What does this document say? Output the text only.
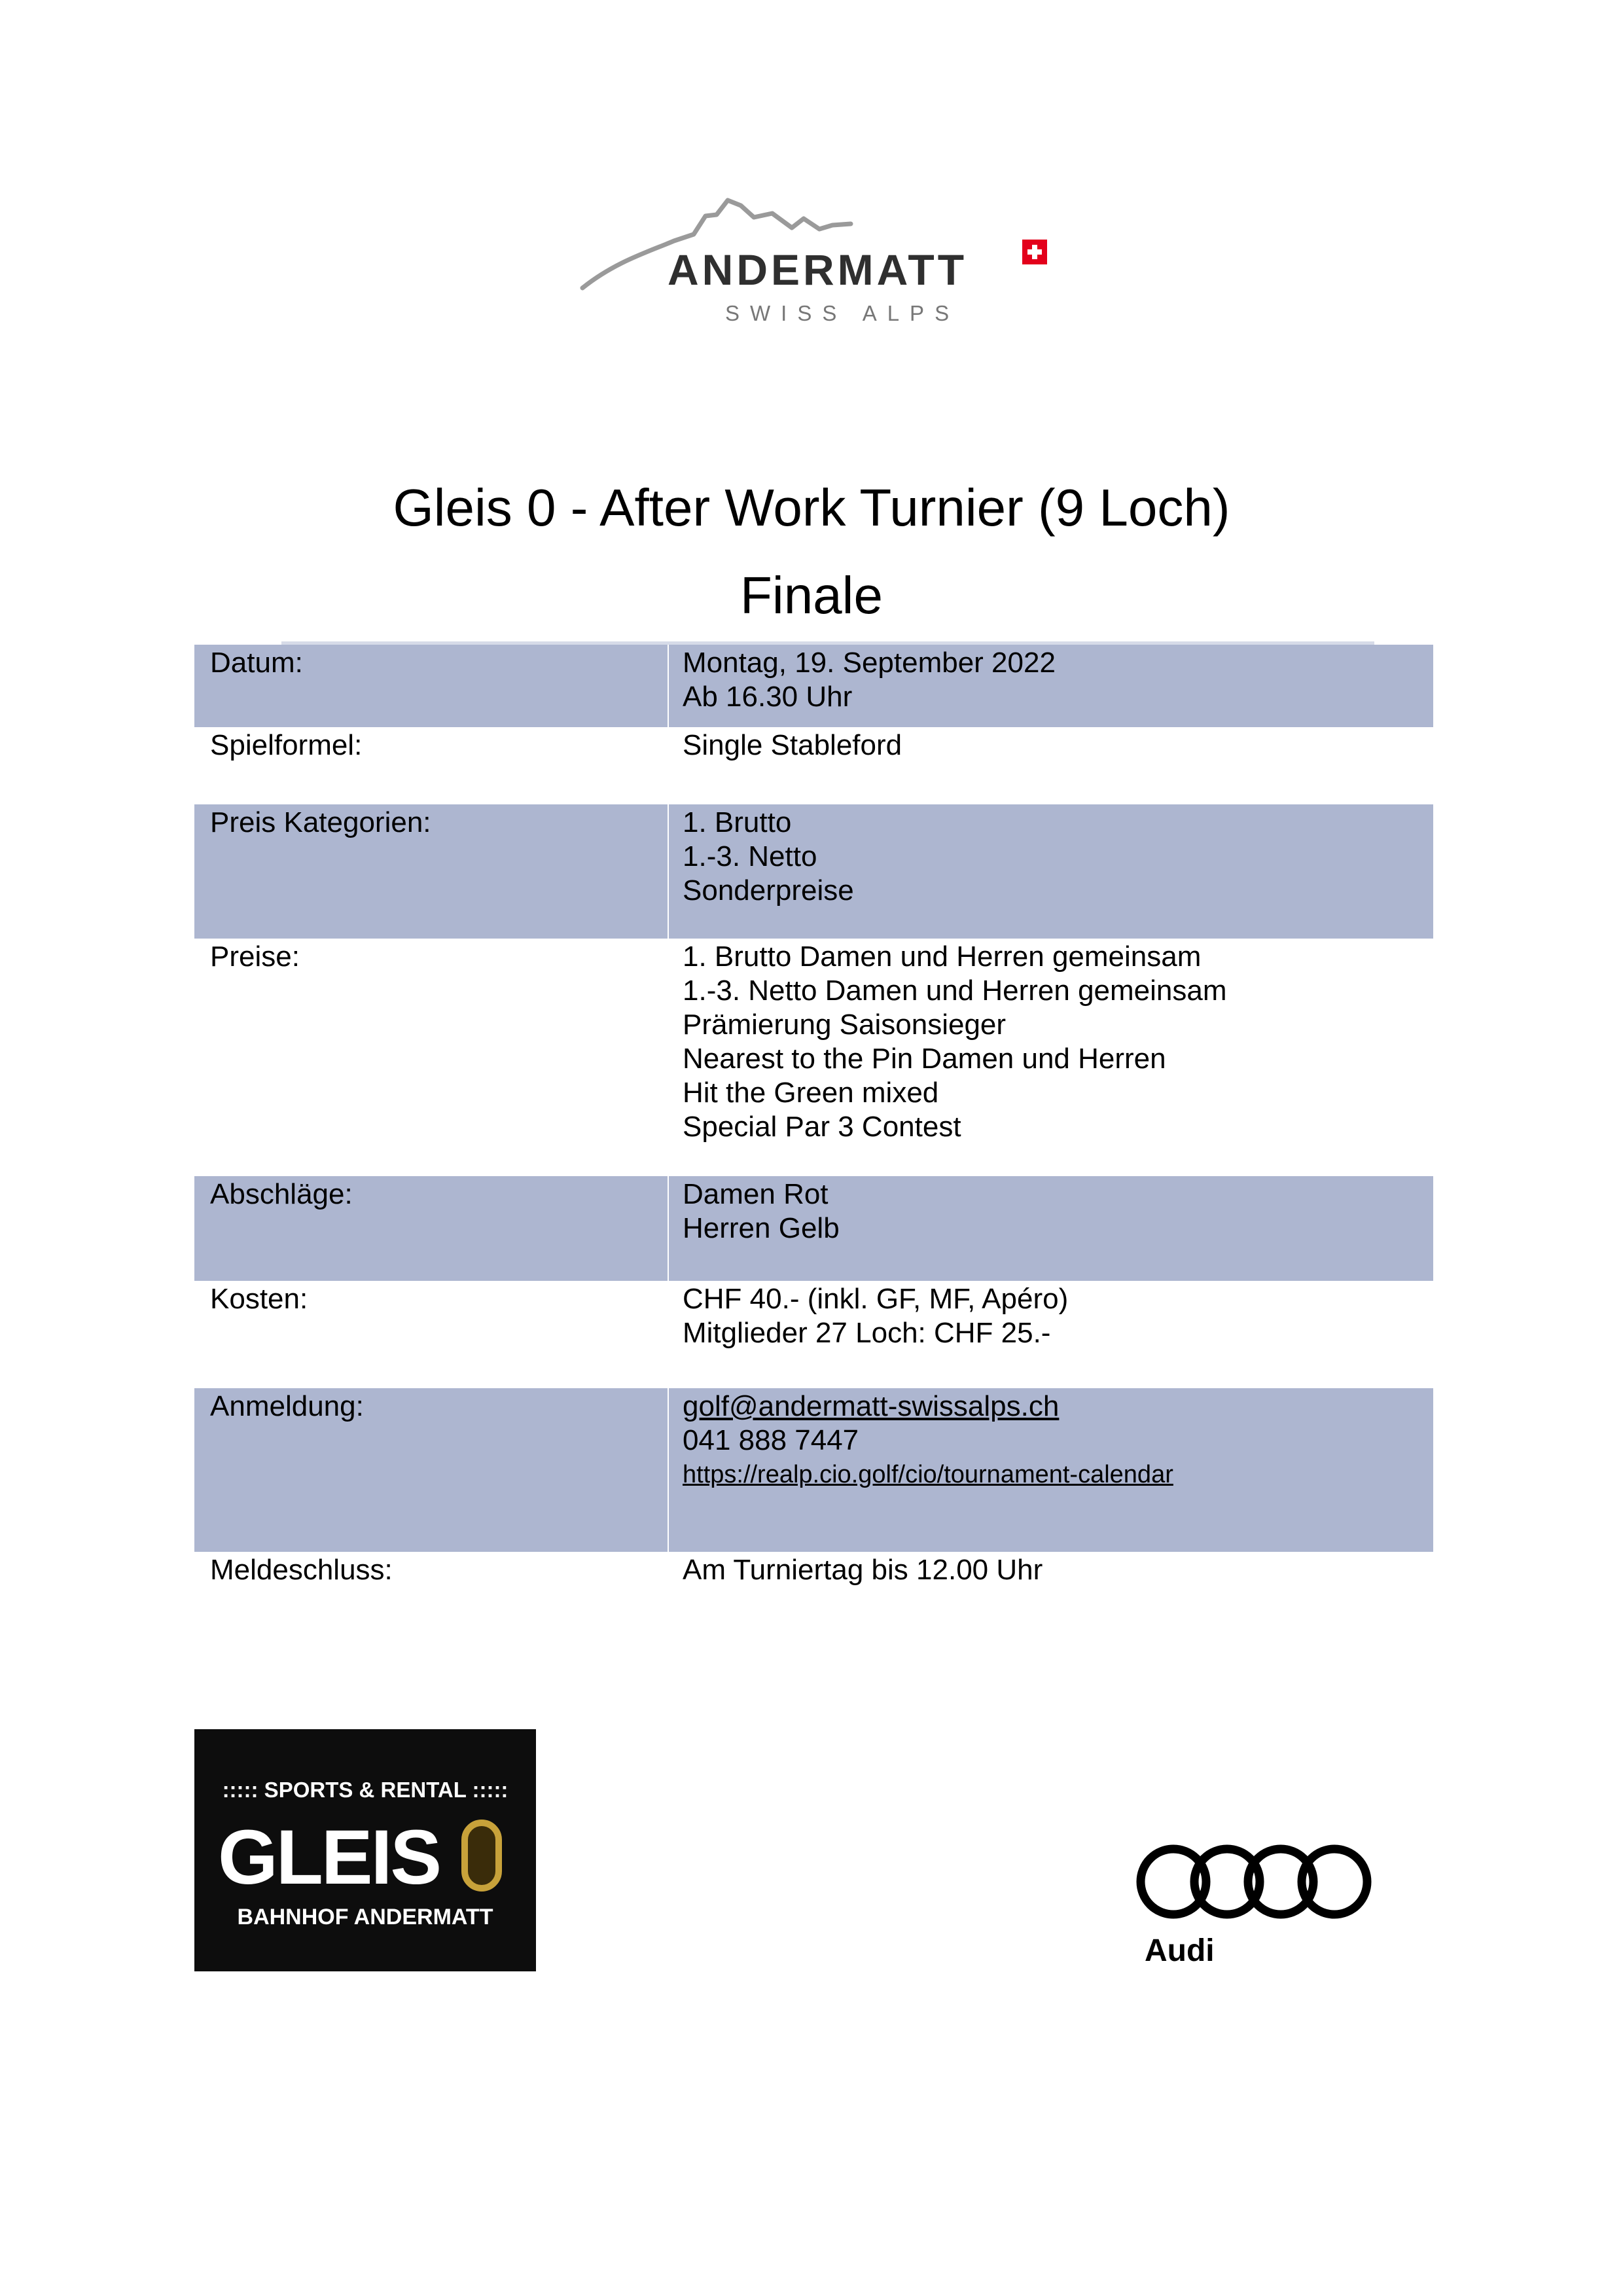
ANDERMATT
SWISS ALPS
Gleis 0 - After Work Turnier (9 Loch)
Finale
Datum:	Montag, 19. September 2022
Ab 16.30 Uhr
Spielformel:	Single Stableford
Preis Kategorien:	1. Brutto
1.-3. Netto
Sonderpreise
Preise:	1. Brutto Damen und Herren gemeinsam
1.-3. Netto Damen und Herren gemeinsam
Prämierung Saisonsieger
Nearest to the Pin Damen und Herren
Hit the Green mixed
Special Par 3 Contest
Abschläge:	Damen Rot
Herren Gelb
Kosten:	CHF 40.- (inkl. GF, MF, Apéro)
Mitglieder 27 Loch: CHF 25.-
Anmeldung:	golf@andermatt-swissalps.ch
041 888 7447
https://realp.cio.golf/cio/tournament-calendar
Meldeschluss:	Am Turniertag bis 12.00 Uhr
::::: SPORTS & RENTAL :::::
GLEIS
BAHNHOF ANDERMATT
Audi
